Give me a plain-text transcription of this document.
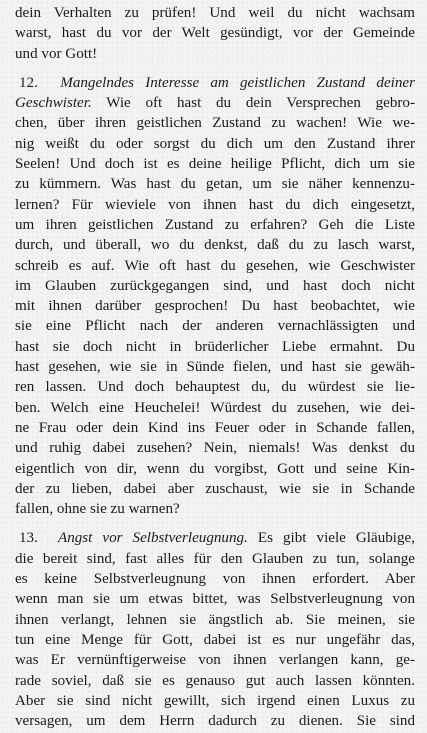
dein Verhalten zu prüfen! Und weil du nicht wachsam
warst, hast du vor der Welt gesündigt, vor der Gemeinde
und vor Gott!
12. Mangelndes Interesse am geistlichen Zustand deiner
Geschwister. Wie oft hast du dein Versprechen gebro-
chen, über ihren geistlichen Zustand zu wachen! Wie we-
nig weißt du oder sorgst du dich um den Zustand ihrer
Seelen! Und doch ist es deine heilige Pflicht, dich um sie
zu kümmern. Was hast du getan, um sie näher kennenzu-
lernen? Für wieviele von ihnen hast du dich eingesetzt,
um ihren geistlichen Zustand zu erfahren? Geh die Liste
durch, und überall, wo du denkst, daß du zu lasch warst,
schreib es auf. Wie oft hast du gesehen, wie Geschwister
im Glauben zurückgegangen sind, und hast doch nicht
mit ihnen darüber gesprochen! Du hast beobachtet, wie
sie eine Pflicht nach der anderen vernachlässigten und
hast sie doch nicht in brüderlicher Liebe ermahnt. Du
hast gesehen, wie sie in Sünde fielen, und hast sie gewäh-
ren lassen. Und doch behauptest du, du würdest sie lie-
ben. Welch eine Heuchelei! Würdest du zusehen, wie dei-
ne Frau oder dein Kind ins Feuer oder in Schande fallen,
und ruhig dabei zusehen? Nein, niemals! Was denkst du
eigentlich von dir, wenn du vorgibst, Gott und seine Kin-
der zu lieben, dabei aber zuschaust, wie sie in Schande
fallen, ohne sie zu warnen?
13. Angst vor Selbstverleugnung. Es gibt viele Gläubige,
die bereit sind, fast alles für den Glauben zu tun, solange
es keine Selbstverleugnung von ihnen erfordert. Aber
wenn man sie um etwas bittet, was Selbstverleugnung von
ihnen verlangt, lehnen sie ängstlich ab. Sie meinen, sie
tun eine Menge für Gott, dabei ist es nur ungefähr das,
was Er vernünftigerweise von ihnen verlangen kann, ge-
rade soviel, daß sie es genauso gut auch lassen könnten.
Aber sie sind nicht gewillt, sich irgend einen Luxus zu
versagen, um dem Herrn dadurch zu dienen. Sie sind
